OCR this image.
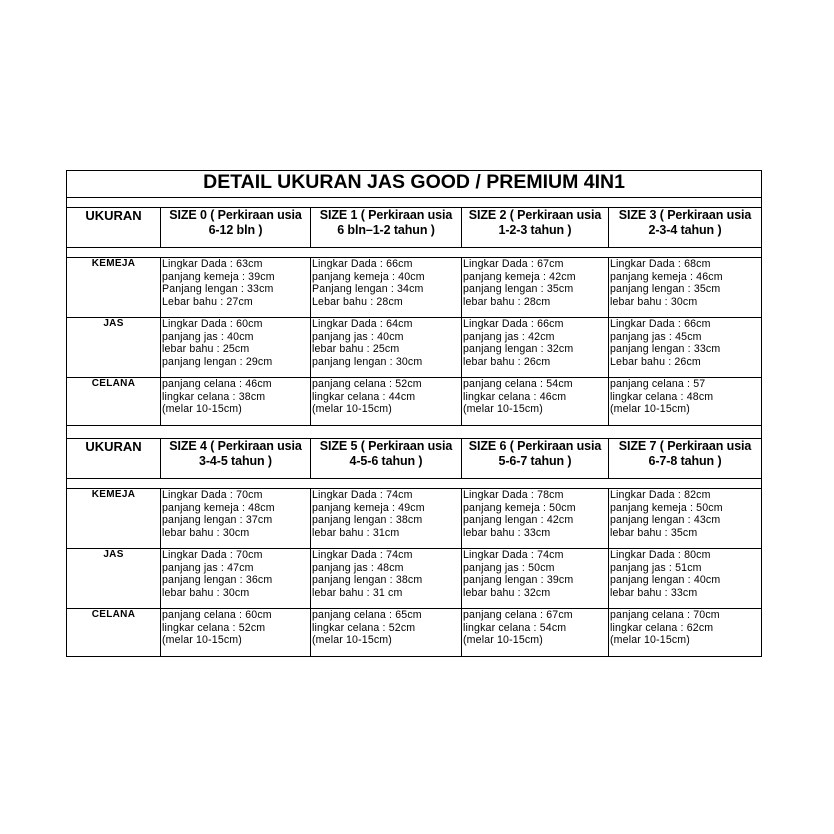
DETAIL UKURAN JAS GOOD / PREMIUM 4IN1				

UKURAN	SIZE 0 ( Perkiraan usia
6-12 bln )	SIZE 1 ( Perkiraan usia
6 bln–1-2 tahun )	SIZE 2 ( Perkiraan usia
1-2-3 tahun )	SIZE 3 ( Perkiraan usia
2-3-4 tahun )

KEMEJA	Lingkar Dada : 63cm
panjang kemeja : 39cm
Panjang lengan : 33cm
Lebar bahu : 27cm	Lingkar Dada : 66cm
panjang kemeja : 40cm
Panjang lengan : 34cm
Lebar bahu : 28cm	Lingkar Dada : 67cm
panjang kemeja : 42cm
panjang lengan : 35cm
lebar bahu : 28cm	Lingkar Dada : 68cm
panjang kemeja : 46cm
panjang lengan : 35cm
lebar bahu : 30cm

JAS	Lingkar Dada : 60cm
panjang jas : 40cm
lebar bahu : 25cm
panjang lengan : 29cm	Lingkar Dada : 64cm
panjang jas : 40cm
lebar bahu : 25cm
panjang lengan : 30cm	Lingkar Dada : 66cm
panjang jas : 42cm
panjang lengan : 32cm
lebar bahu : 26cm	Lingkar Dada : 66cm
panjang jas : 45cm
panjang lengan : 33cm
Lebar bahu : 26cm

CELANA	panjang celana : 46cm
lingkar celana : 38cm
(melar 10-15cm)	panjang celana : 52cm
lingkar celana : 44cm
(melar 10-15cm)	panjang celana : 54cm
lingkar celana : 46cm
(melar 10-15cm)	panjang celana : 57
lingkar celana : 48cm
(melar 10-15cm)

UKURAN	SIZE 4 ( Perkiraan usia
3-4-5 tahun )	SIZE 5 ( Perkiraan usia
4-5-6 tahun )	SIZE 6 ( Perkiraan usia
5-6-7 tahun )	SIZE 7 ( Perkiraan usia
6-7-8 tahun )

KEMEJA	Lingkar Dada : 70cm
panjang kemeja : 48cm
panjang lengan : 37cm
lebar bahu : 30cm	Lingkar Dada : 74cm
panjang kemeja : 49cm
panjang lengan : 38cm
lebar bahu : 31cm	Lingkar Dada : 78cm
panjang kemeja : 50cm
panjang lengan : 42cm
lebar bahu : 33cm	Lingkar Dada : 82cm
panjang kemeja : 50cm
panjang lengan : 43cm
lebar bahu : 35cm

JAS	Lingkar Dada : 70cm
panjang jas : 47cm
panjang lengan : 36cm
lebar bahu : 30cm	Lingkar Dada : 74cm
panjang jas : 48cm
panjang lengan : 38cm
lebar bahu : 31 cm	Lingkar Dada : 74cm
panjang jas : 50cm
panjang lengan : 39cm
lebar bahu : 32cm	Lingkar Dada : 80cm
panjang jas : 51cm
panjang lengan : 40cm
lebar bahu : 33cm

CELANA	panjang celana : 60cm
lingkar celana : 52cm
(melar 10-15cm)	panjang celana : 65cm
lingkar celana : 52cm
(melar 10-15cm)	panjang celana : 67cm
lingkar celana : 54cm
(melar 10-15cm)	panjang celana : 70cm
lingkar celana : 62cm
(melar 10-15cm)
